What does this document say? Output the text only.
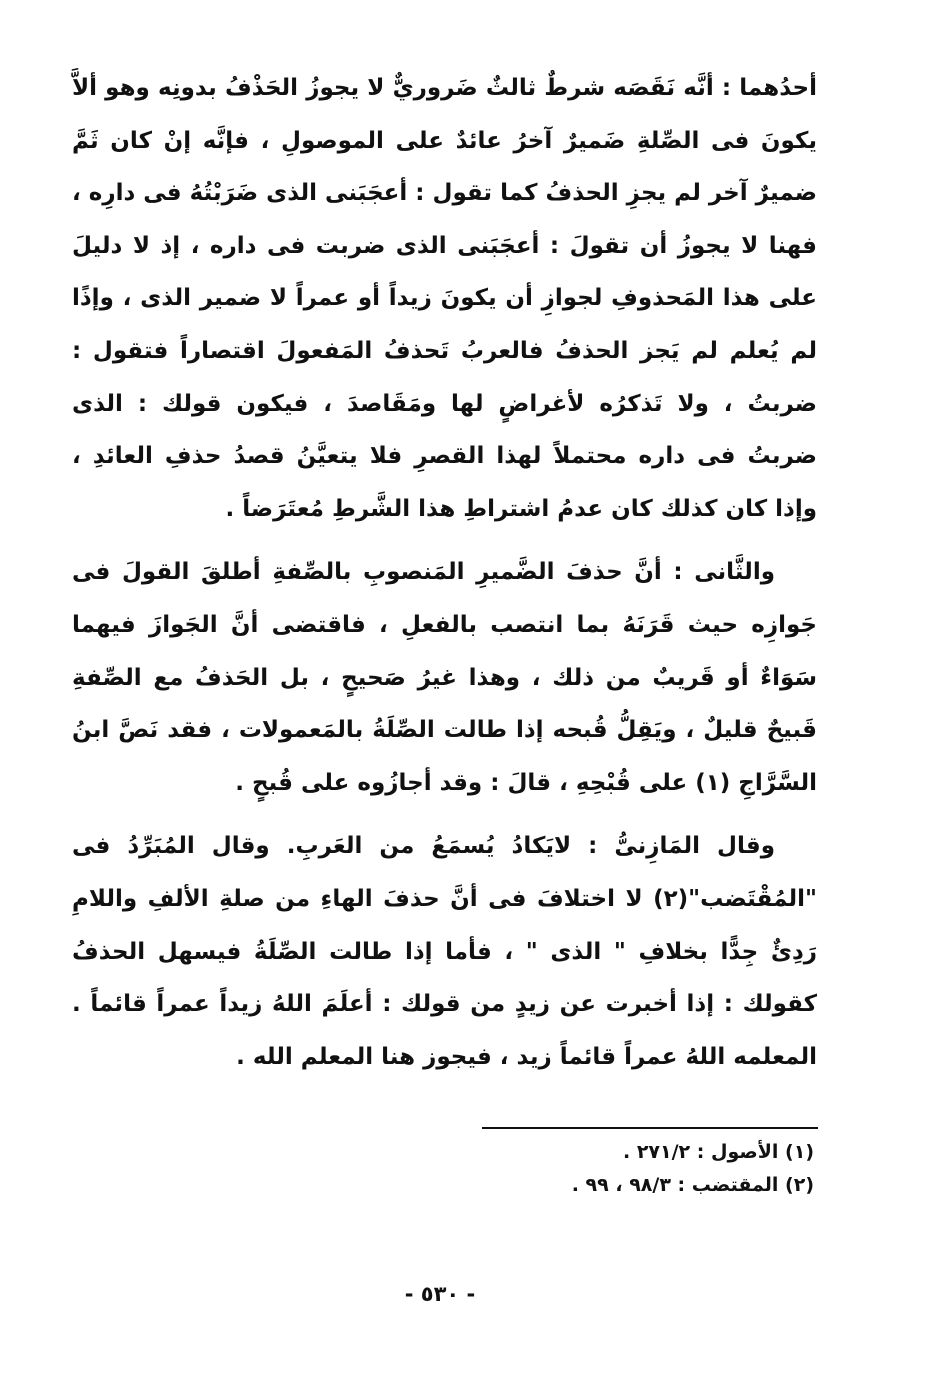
أحدُهما : أنَّه نَقَصَه شرطٌ ثالثٌ ضَروريٌّ لا يجوزُ الحَذْفُ بدونِه وهو ألاَّ يكونَ فى الصِّلةِ ضَميرٌ آخرُ عائدٌ على الموصولِ ، فإنَّه إنْ كان ثَمَّ ضميرٌ آخر لم يجزِ الحذفُ كما تقول : أعجَبَنى الذى ضَرَبْتُهُ فى دارِه ، فهنا لا يجوزُ أن تقولَ : أعجَبَنى الذى ضربت فى داره ، إذ لا دليلَ على هذا المَحذوفِ لجوازِ أن يكونَ زيداً أو عمراً لا ضمير الذى ، وإذًا لم يُعلم لم يَجز الحذفُ فالعربُ تَحذفُ المَفعولَ اقتصاراً فتقول : ضربتُ ، ولا تَذكرُه لأغراضٍ لها ومَقَاصدَ ، فيكون قولك : الذى ضربتُ فى داره محتملاً لهذا القصرِ فلا يتعيَّنُ قصدُ حذفِ العائدِ ، وإذا كان كذلك كان عدمُ اشتراطِ هذا الشَّرطِ مُعتَرَضاً .

والثَّانى : أنَّ حذفَ الضَّميرِ المَنصوبِ بالصِّفةِ أطلقَ القولَ فى جَوازِه حيث قَرَنَهُ بما انتصب بالفعلِ ، فاقتضى أنَّ الجَوازَ فيهما سَوَاءٌ أو قَريبٌ من ذلك ، وهذا غيرُ صَحيحٍ ، بل الحَذفُ مع الصِّفةِ قَبيحٌ قليلٌ ، ويَقِلُّ قُبحه إذا طالت الصِّلَةُ بالمَعمولات ، فقد نَصَّ ابنُ السَّرَّاجِ (١) على قُبْحِهِ ، قالَ : وقد أجازُوه على قُبحٍ .

وقال المَازِنىُّ : لايَكادُ يُسمَعُ من العَربِ. وقال المُبَرِّدُ فى "المُقْتَضب"(٢) لا اختلافَ فى أنَّ حذفَ الهاءِ من صلةِ الألفِ واللامِ رَدِئٌ جِدًّا بخلافِ " الذى " ، فأما إذا طالت الصِّلَةُ فيسهل الحذفُ كقولك : إذا أخبرت عن زيدٍ من قولك : أعلَمَ اللهُ زيداً عمراً قائماً . المعلمه اللهُ عمراً قائماً زيد ، فيجوز هنا المعلم الله .

(١) الأصول : ٢٧١/٢ .
(٢) المقتضب : ٩٨/٣ ، ٩٩ .
- ٥٣٠ -
